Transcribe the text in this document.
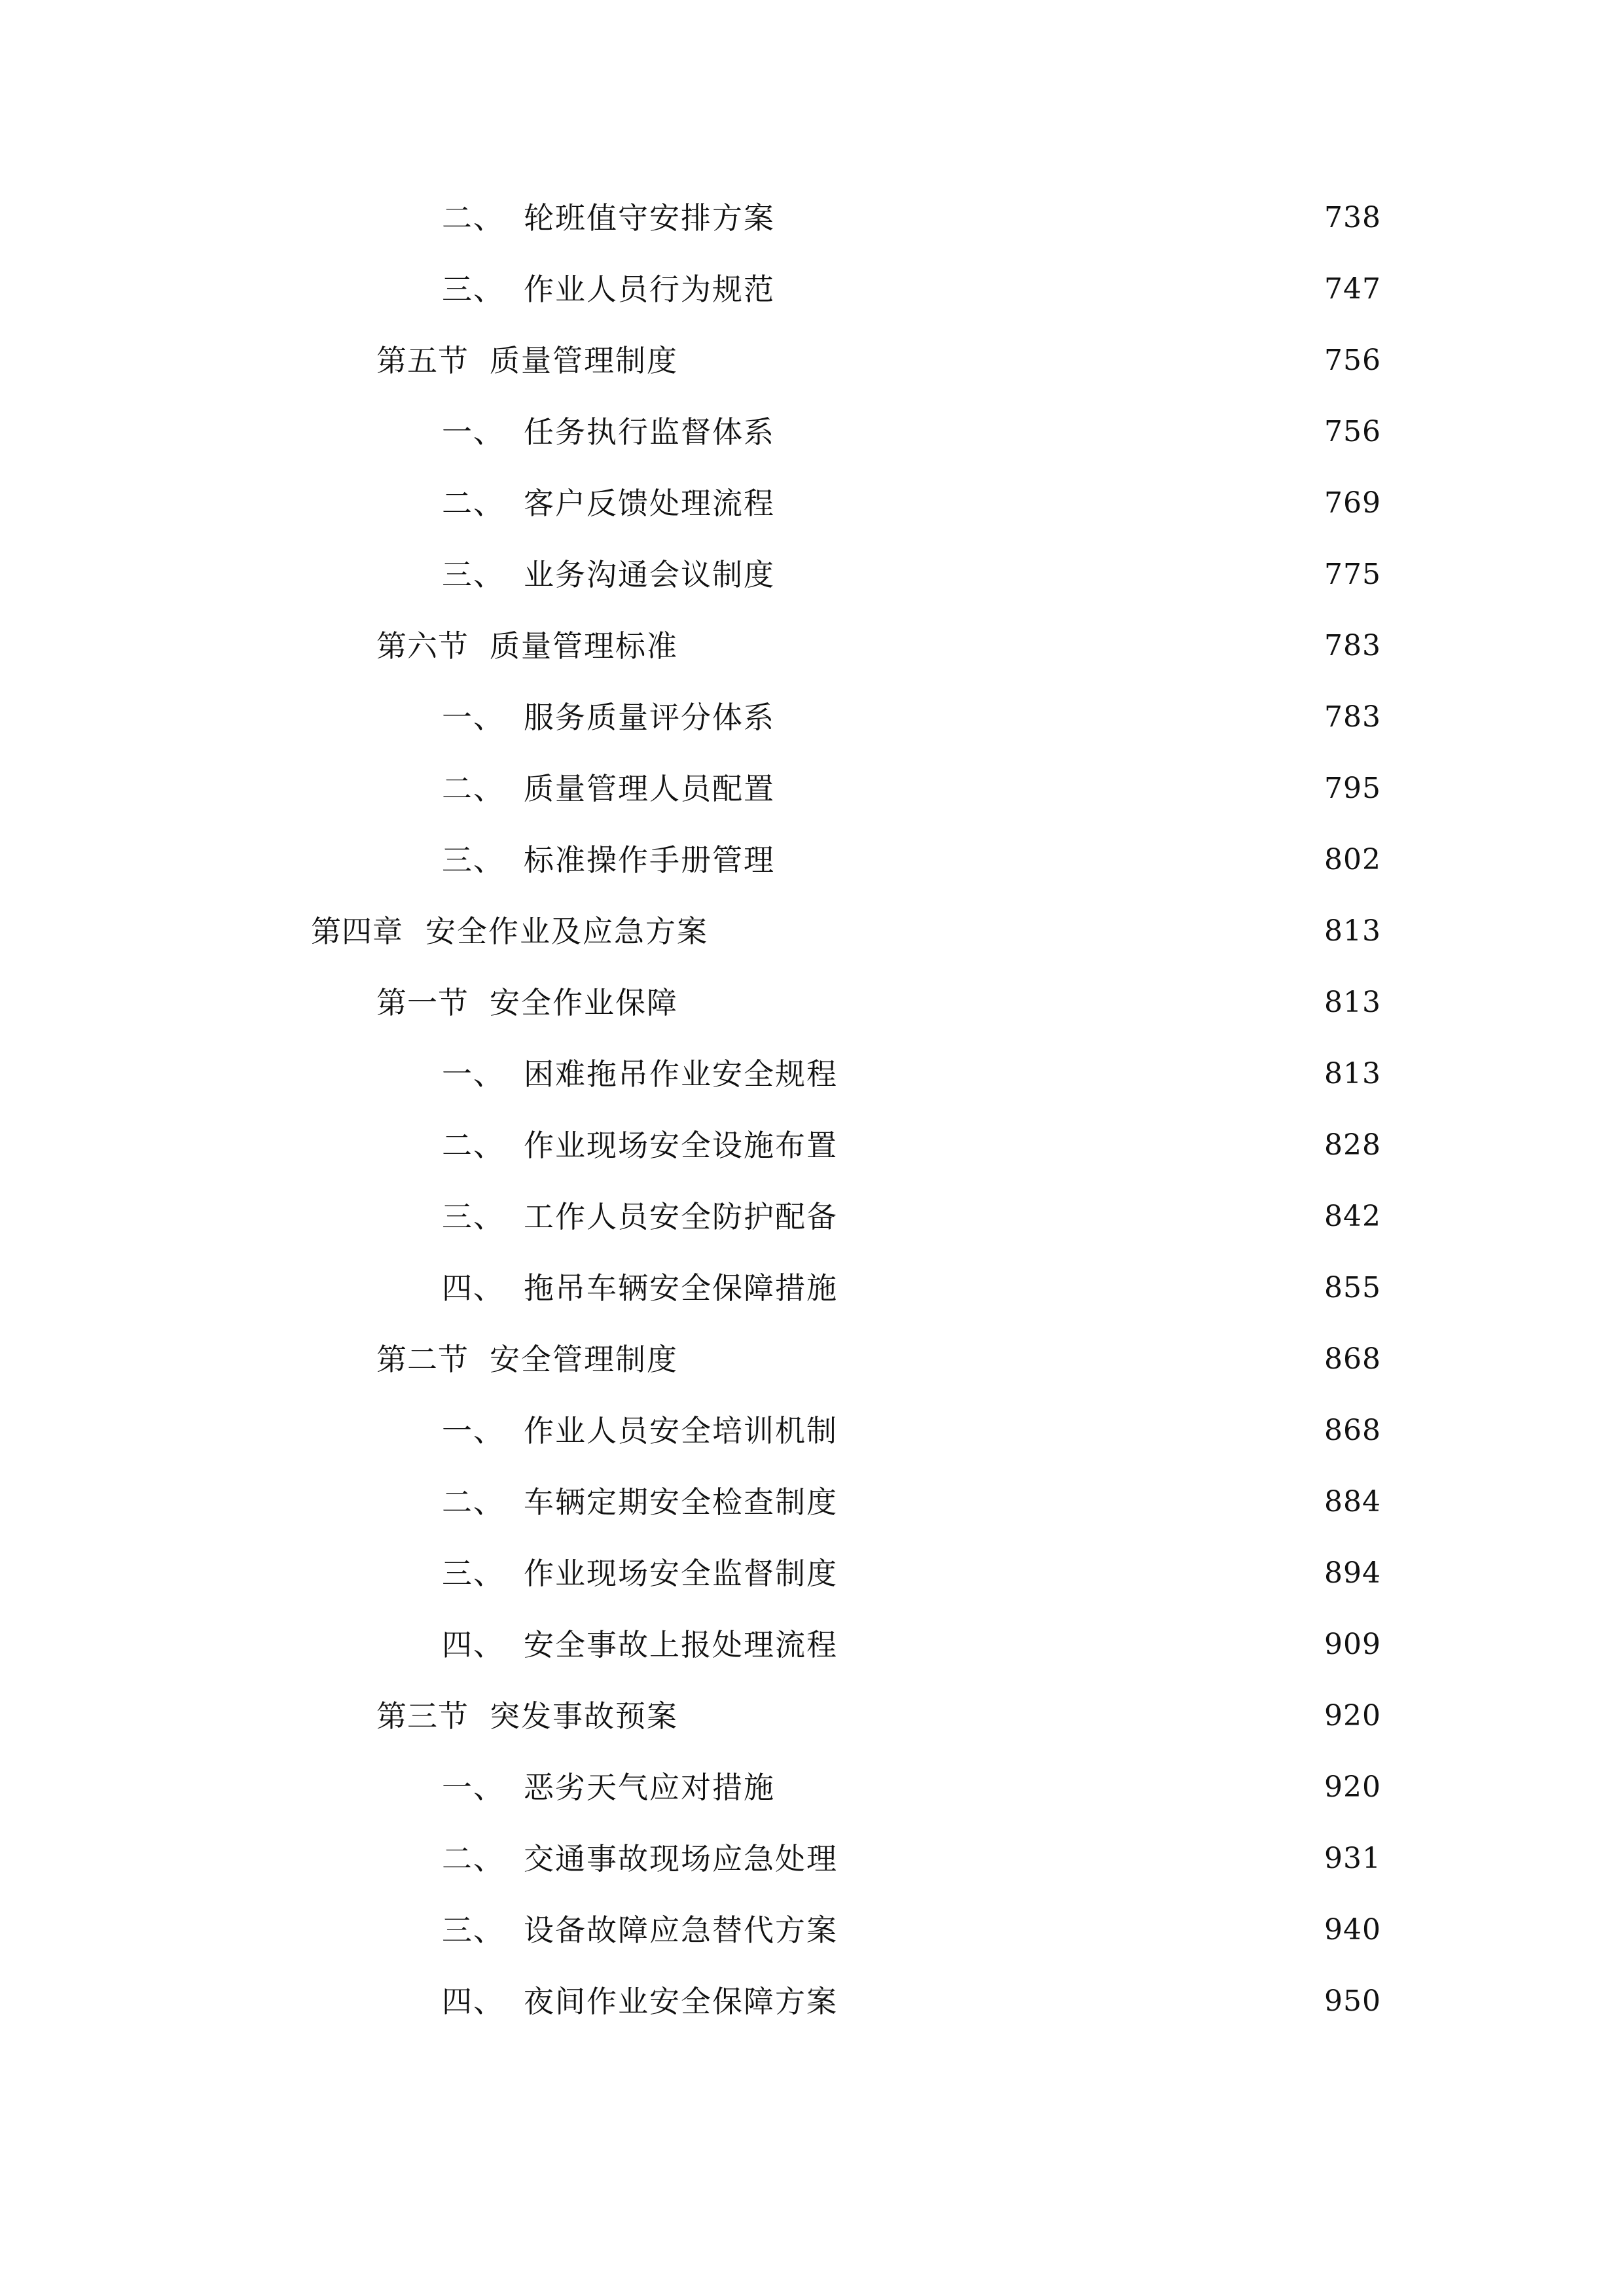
二、 轮班值守安排方案	738
三、 作业人员行为规范	747
第五节 质量管理制度	756
一、 任务执行监督体系	756
二、 客户反馈处理流程	769
三、 业务沟通会议制度	775
第六节 质量管理标准	783
一、 服务质量评分体系	783
二、 质量管理人员配置	795
三、 标准操作手册管理	802
第四章 安全作业及应急方案	813
第一节 安全作业保障	813
一、 困难拖吊作业安全规程	813
二、 作业现场安全设施布置	828
三、 工作人员安全防护配备	842
四、 拖吊车辆安全保障措施	855
第二节 安全管理制度	868
一、 作业人员安全培训机制	868
二、 车辆定期安全检查制度	884
三、 作业现场安全监督制度	894
四、 安全事故上报处理流程	909
第三节 突发事故预案	920
一、 恶劣天气应对措施	920
二、 交通事故现场应急处理	931
三、 设备故障应急替代方案	940
四、 夜间作业安全保障方案	950
